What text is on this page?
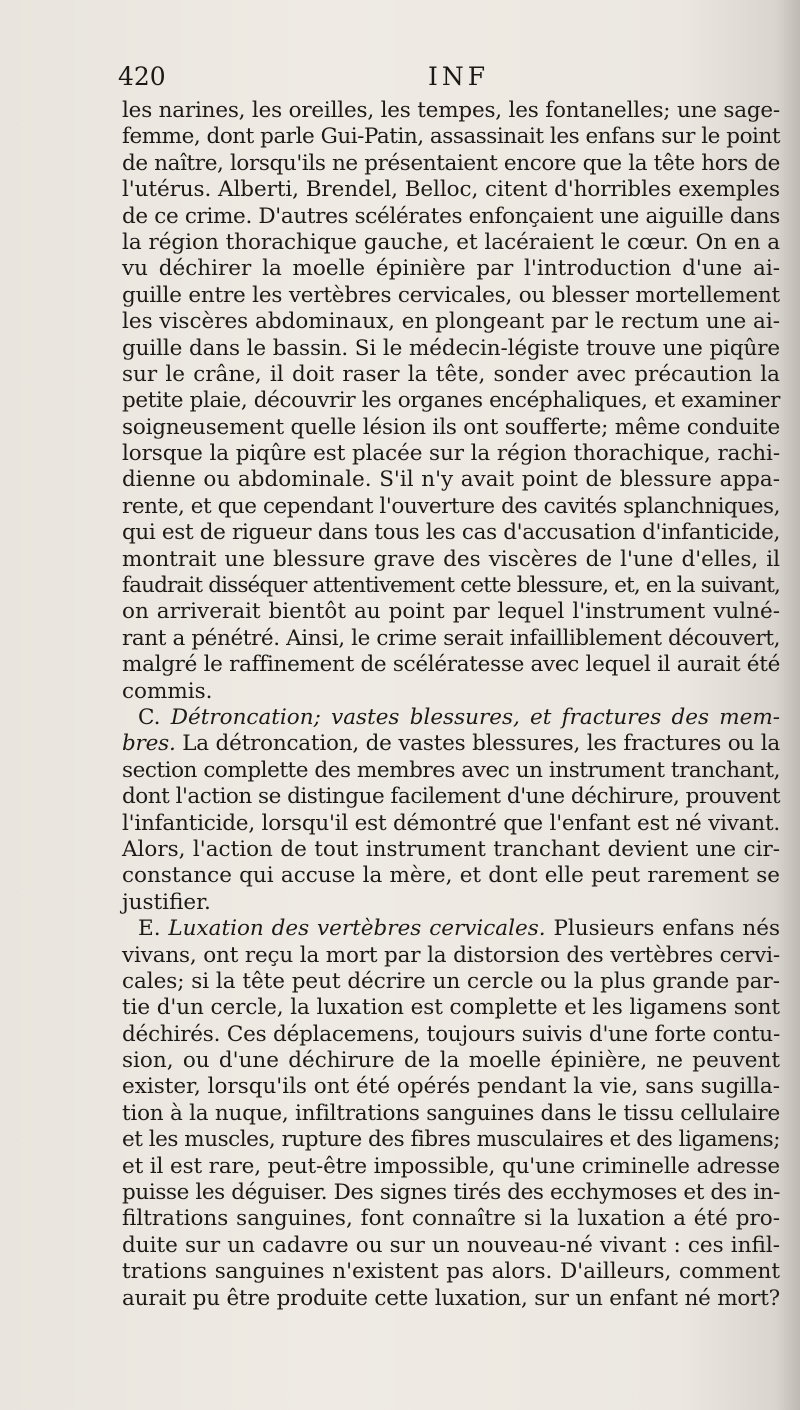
420	INF
les narines, les oreilles, les tempes, les fontanelles; une sage-
femme, dont parle Gui-Patin, assassinait les enfans sur le point
de naître, lorsqu'ils ne présentaient encore que la tête hors de
l'utérus. Alberti, Brendel, Belloc, citent d'horribles exemples
de ce crime. D'autres scélérates enfonçaient une aiguille dans
la région thorachique gauche, et lacéraient le cœur. On en a
vu déchirer la moelle épinière par l'introduction d'une ai-
guille entre les vertèbres cervicales, ou blesser mortellement
les viscères abdominaux, en plongeant par le rectum une ai-
guille dans le bassin. Si le médecin-légiste trouve une piqûre
sur le crâne, il doit raser la tête, sonder avec précaution la
petite plaie, découvrir les organes encéphaliques, et examiner
soigneusement quelle lésion ils ont soufferte; même conduite
lorsque la piqûre est placée sur la région thorachique, rachi-
dienne ou abdominale. S'il n'y avait point de blessure appa-
rente, et que cependant l'ouverture des cavités splanchniques,
qui est de rigueur dans tous les cas d'accusation d'infanticide,
montrait une blessure grave des viscères de l'une d'elles, il
faudrait disséquer attentivement cette blessure, et, en la suivant,
on arriverait bientôt au point par lequel l'instrument vulné-
rant a pénétré. Ainsi, le crime serait infailliblement découvert,
malgré le raffinement de scélératesse avec lequel il aurait été
commis.
C. Détroncation; vastes blessures, et fractures des mem-
bres. La détroncation, de vastes blessures, les fractures ou la
section complette des membres avec un instrument tranchant,
dont l'action se distingue facilement d'une déchirure, prouvent
l'infanticide, lorsqu'il est démontré que l'enfant est né vivant.
Alors, l'action de tout instrument tranchant devient une cir-
constance qui accuse la mère, et dont elle peut rarement se
justifier.
E. Luxation des vertèbres cervicales. Plusieurs enfans nés
vivans, ont reçu la mort par la distorsion des vertèbres cervi-
cales; si la tête peut décrire un cercle ou la plus grande par-
tie d'un cercle, la luxation est complette et les ligamens sont
déchirés. Ces déplacemens, toujours suivis d'une forte contu-
sion, ou d'une déchirure de la moelle épinière, ne peuvent
exister, lorsqu'ils ont été opérés pendant la vie, sans sugilla-
tion à la nuque, infiltrations sanguines dans le tissu cellulaire
et les muscles, rupture des fibres musculaires et des ligamens;
et il est rare, peut-être impossible, qu'une criminelle adresse
puisse les déguiser. Des signes tirés des ecchymoses et des in-
filtrations sanguines, font connaître si la luxation a été pro-
duite sur un cadavre ou sur un nouveau-né vivant : ces infil-
trations sanguines n'existent pas alors. D'ailleurs, comment
aurait pu être produite cette luxation, sur un enfant né mort?
